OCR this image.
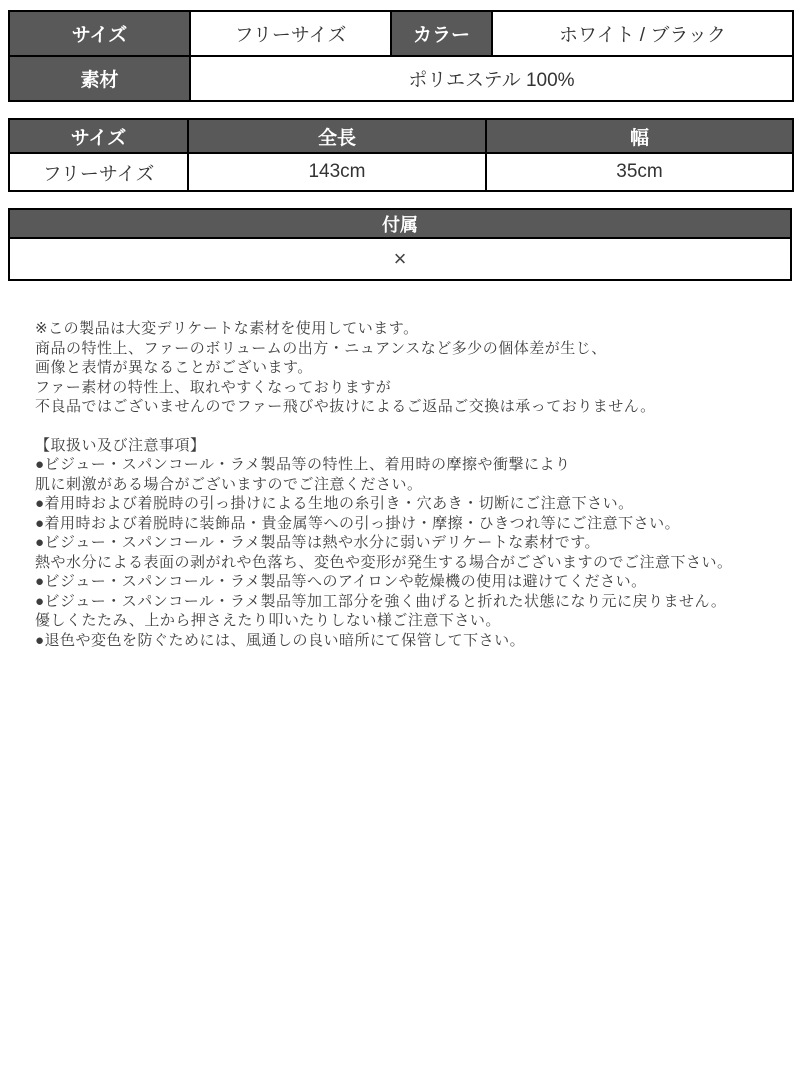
サイズ	フリーサイズ	カラー	ホワイト / ブラック
素材	ポリエステル 100%		
サイズ	全長	幅
フリーサイズ	143cm	35cm
付属
×
※この製品は大変デリケートな素材を使用しています。
商品の特性上、ファーのボリュームの出方・ニュアンスなど多少の個体差が生じ、
画像と表情が異なることがございます。
ファー素材の特性上、取れやすくなっておりますが
不良品ではございませんのでファー飛びや抜けによるご返品ご交換は承っておりません。
【取扱い及び注意事項】
●ビジュー・スパンコール・ラメ製品等の特性上、着用時の摩擦や衝撃により
肌に刺激がある場合がございますのでご注意ください。
●着用時および着脱時の引っ掛けによる生地の糸引き・穴あき・切断にご注意下さい。
●着用時および着脱時に装飾品・貴金属等への引っ掛け・摩擦・ひきつれ等にご注意下さい。
●ビジュー・スパンコール・ラメ製品等は熱や水分に弱いデリケートな素材です。
熱や水分による表面の剥がれや色落ち、変色や変形が発生する場合がございますのでご注意下さい。
●ビジュー・スパンコール・ラメ製品等へのアイロンや乾燥機の使用は避けてください。
●ビジュー・スパンコール・ラメ製品等加工部分を強く曲げると折れた状態になり元に戻りません。
優しくたたみ、上から押さえたり叩いたりしない様ご注意下さい。
●退色や変色を防ぐためには、風通しの良い暗所にて保管して下さい。
